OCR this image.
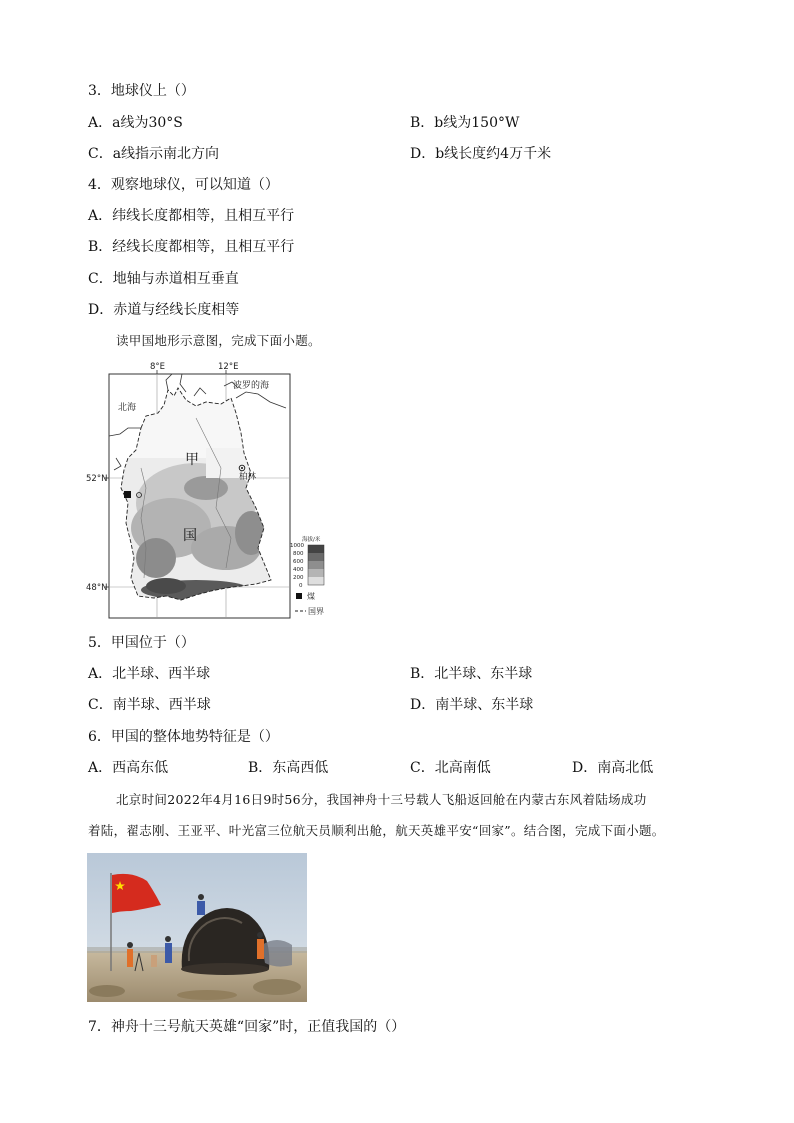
3．地球仪上（）
A．a线为30°S	B．b线为150°W
C．a线指示南北方向	D．b线长度约4万千米
4．观察地球仪，可以知道（）
A．纬线长度都相等，且相互平行
B．经线长度都相等，且相互平行
C．地轴与赤道相互垂直
D．赤道与经线长度相等
读甲国地形示意图，完成下面小题。
8°E	12°E
52°N
48°N
北海
波罗的海
甲
国
柏林
海拔/米
1000
800
600
400
200
0
煤
国界
5．甲国位于（）
A．北半球、西半球	B．北半球、东半球
C．南半球、西半球	D．南半球、东半球
6．甲国的整体地势特征是（）
A．西高东低	B．东高西低	C．北高南低	D．南高北低
北京时间2022年4月16日9时56分，我国神舟十三号载人飞船返回舱在内蒙古东风着陆场成功
着陆，翟志刚、王亚平、叶光富三位航天员顺利出舱，航天英雄平安“回家”。结合图，完成下面小题。
7．神舟十三号航天英雄“回家”时，正值我国的（）
